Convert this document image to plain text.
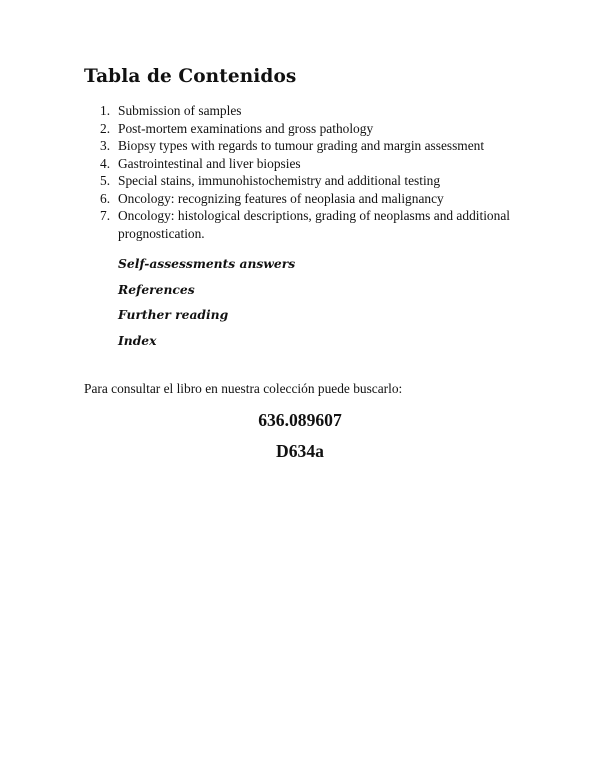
Tabla de Contenidos
1. Submission of samples
2. Post-mortem examinations and gross pathology
3. Biopsy types with regards to tumour grading and margin assessment
4. Gastrointestinal and liver biopsies
5. Special stains, immunohistochemistry and additional testing
6. Oncology: recognizing features of neoplasia and malignancy
7. Oncology: histological descriptions, grading of neoplasms and additional prognostication.
Self-assessments answers
References
Further reading
Index

Para consultar el libro en nuestra colección puede buscarlo:

636.089607

D634a
